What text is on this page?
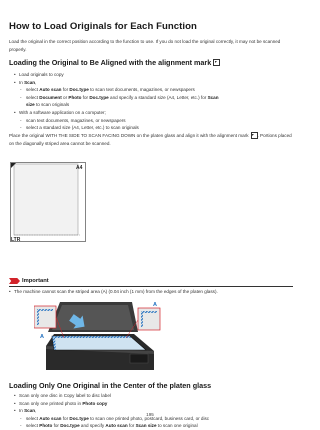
How to Load Originals for Each Function

Load the original in the correct position according to the function to use. If you do not load the original correctly, it may not be scanned properly.

Loading the Original to Be Aligned with the alignment mark
• Load originals to copy
• In Scan,
- select Auto scan for Doc.type to scan text documents, magazines, or newspapers
- select Document or Photo for Doc.type and specify a standard size (A4, Letter, etc.) for Scan
size to scan originals
• With a software application on a computer;
- scan text documents, magazines, or newspapers
- select a standard size (A4, Letter, etc.) to scan originals

Place the original WITH THE SIDE TO SCAN FACING DOWN on the platen glass and align it with the alignment mark . Portions placed on the diagonally striped area cannot be scanned.

A4
LTR
Important
• The machine cannot scan the striped area (A) (0.04 inch (1 mm) from the edges of the platen glass).
A
A
Loading Only One Original in the Center of the platen glass
• Scan only one disc in Copy label to disc label
• Scan only one printed photo in Photo copy
• In Scan,
- select Auto scan for Doc.type to scan one printed photo, postcard, business card, or disc
- select Photo for Doc.type and specify Auto scan for Scan size to scan one original
195
